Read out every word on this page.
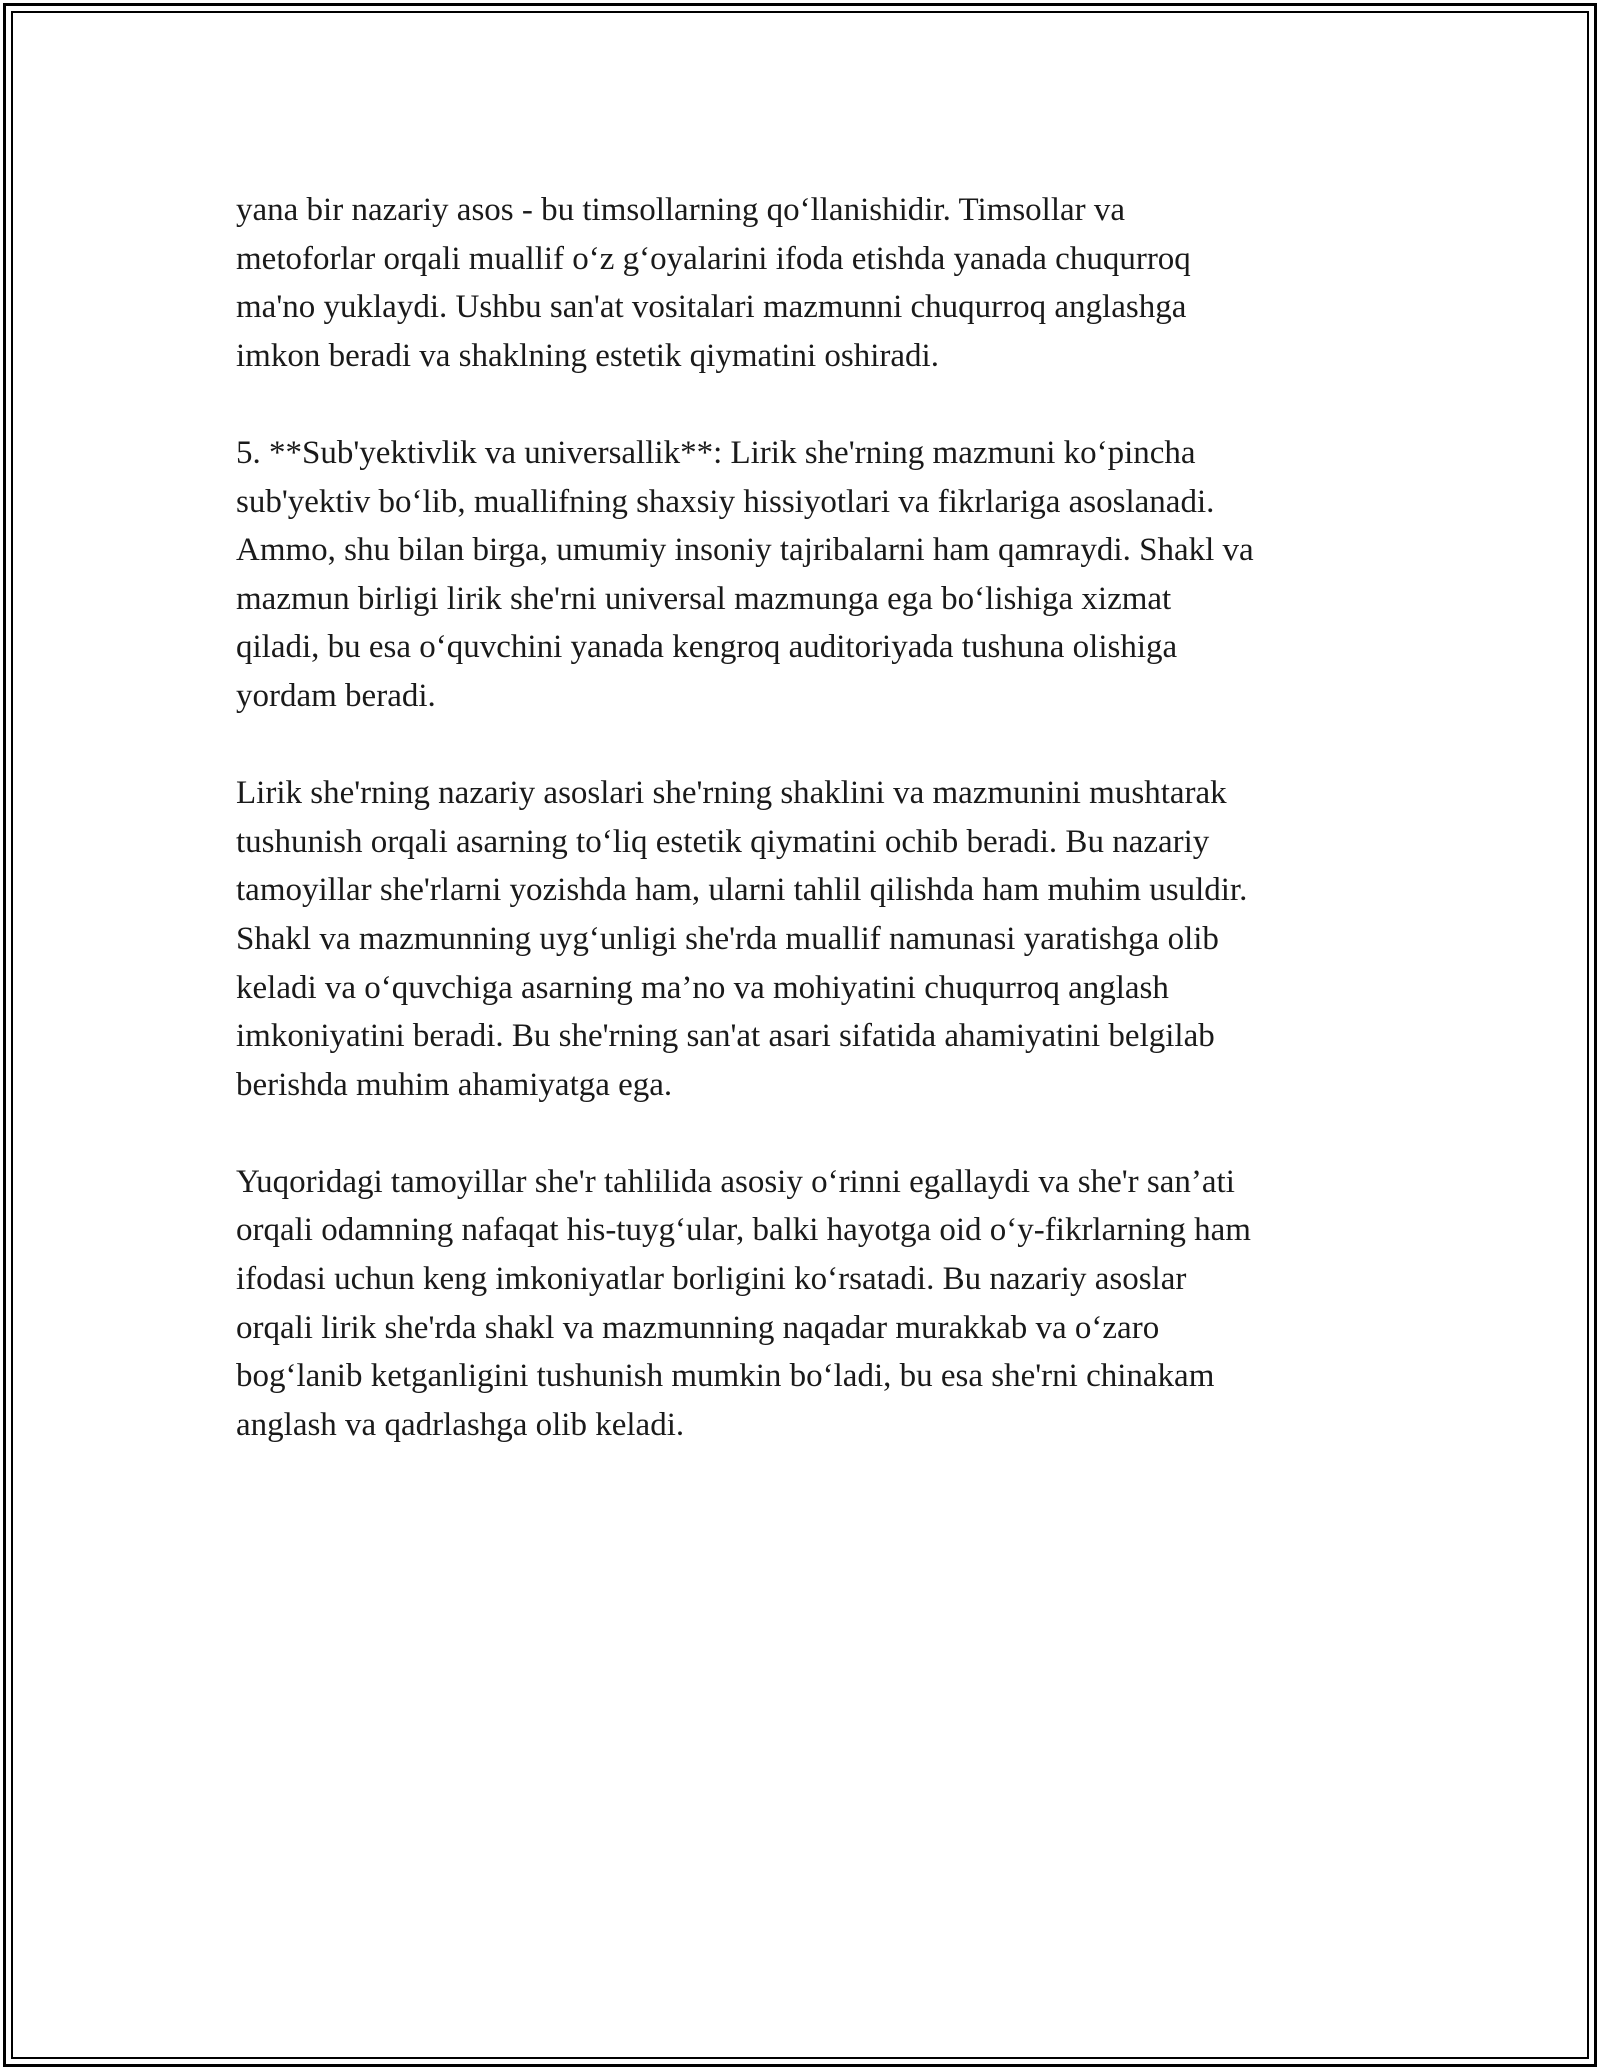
yana bir nazariy asos - bu timsollarning qo‘llanishidir. Timsollar va
metoforlar orqali muallif o‘z g‘oyalarini ifoda etishda yanada chuqurroq
ma'no yuklaydi. Ushbu san'at vositalari mazmunni chuqurroq anglashga
imkon beradi va shaklning estetik qiymatini oshiradi.

5. **Sub'yektivlik va universallik**: Lirik she'rning mazmuni ko‘pincha
sub'yektiv bo‘lib, muallifning shaxsiy hissiyotlari va fikrlariga asoslanadi.
Ammo, shu bilan birga, umumiy insoniy tajribalarni ham qamraydi. Shakl va
mazmun birligi lirik she'rni universal mazmunga ega bo‘lishiga xizmat
qiladi, bu esa o‘quvchini yanada kengroq auditoriyada tushuna olishiga
yordam beradi.

Lirik she'rning nazariy asoslari she'rning shaklini va mazmunini mushtarak
tushunish orqali asarning to‘liq estetik qiymatini ochib beradi. Bu nazariy
tamoyillar she'rlarni yozishda ham, ularni tahlil qilishda ham muhim usuldir.
Shakl va mazmunning uyg‘unligi she'rda muallif namunasi yaratishga olib
keladi va o‘quvchiga asarning ma’no va mohiyatini chuqurroq anglash
imkoniyatini beradi. Bu she'rning san'at asari sifatida ahamiyatini belgilab
berishda muhim ahamiyatga ega.

Yuqoridagi tamoyillar she'r tahlilida asosiy o‘rinni egallaydi va she'r san’ati
orqali odamning nafaqat his-tuyg‘ular, balki hayotga oid o‘y-fikrlarning ham
ifodasi uchun keng imkoniyatlar borligini ko‘rsatadi. Bu nazariy asoslar
orqali lirik she'rda shakl va mazmunning naqadar murakkab va o‘zaro
bog‘lanib ketganligini tushunish mumkin bo‘ladi, bu esa she'rni chinakam
anglash va qadrlashga olib keladi.
